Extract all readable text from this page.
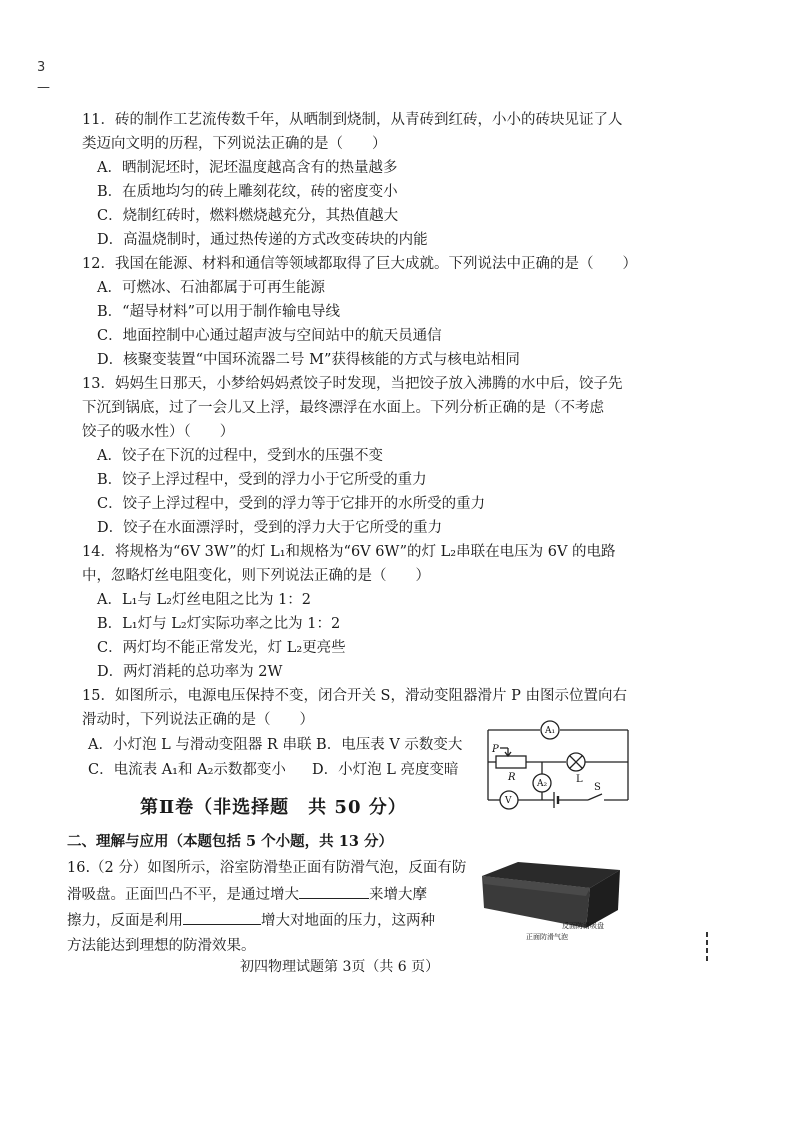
3
—
11．砖的制作工艺流传数千年，从晒制到烧制，从青砖到红砖，小小的砖块见证了人
类迈向文明的历程，下列说法正确的是（　　）
A．晒制泥坯时，泥坯温度越高含有的热量越多
B．在质地均匀的砖上雕刻花纹，砖的密度变小
C．烧制红砖时，燃料燃烧越充分，其热值越大
D．高温烧制时，通过热传递的方式改变砖块的内能
12．我国在能源、材料和通信等领域都取得了巨大成就。下列说法中正确的是（　　）
A．可燃冰、石油都属于可再生能源
B．“超导材料”可以用于制作输电导线
C．地面控制中心通过超声波与空间站中的航天员通信
D．核聚变装置“中国环流器二号 M”获得核能的方式与核电站相同
13．妈妈生日那天，小梦给妈妈煮饺子时发现，当把饺子放入沸腾的水中后，饺子先
下沉到锅底，过了一会儿又上浮，最终漂浮在水面上。下列分析正确的是（不考虑
饺子的吸水性）（　　）
A．饺子在下沉的过程中，受到水的压强不变
B．饺子上浮过程中，受到的浮力小于它所受的重力
C．饺子上浮过程中，受到的浮力等于它排开的水所受的重力
D．饺子在水面漂浮时，受到的浮力大于它所受的重力
14．将规格为“6V 3W”的灯 L₁和规格为“6V 6W”的灯 L₂串联在电压为 6V 的电路
中，忽略灯丝电阻变化，则下列说法正确的是（　　）
A．L₁与 L₂灯丝电阻之比为 1：2
B．L₁灯与 L₂灯实际功率之比为 1：2
C．两灯均不能正常发光，灯 L₂更亮些
D．两灯消耗的总功率为 2W
15．如图所示，电源电压保持不变，闭合开关 S，滑动变阻器滑片 P 由图示位置向右
滑动时，下列说法正确的是（　　）
A．小灯泡 L 与滑动变阻器 R 串联 B．电压表 V 示数变大
C．电流表 A₁和 A₂示数都变小 D．小灯泡 L 亮度变暗
A₁
A₂
P
R	L
S
V
第Ⅱ卷（非选择题　共 50 分）
二、理解与应用（本题包括 5 个小题，共 13 分）
16.（2 分）如图所示，浴室防滑垫正面有防滑气泡，反面有防
滑吸盘。正面凹凸不平，是通过增大	来增大摩
擦力，反面是利用	增大对地面的压力，这两种
方法能达到理想的防滑效果。
反面防滑吸盘
正面防滑气泡
初四物理试题第 3页（共 6 页）
